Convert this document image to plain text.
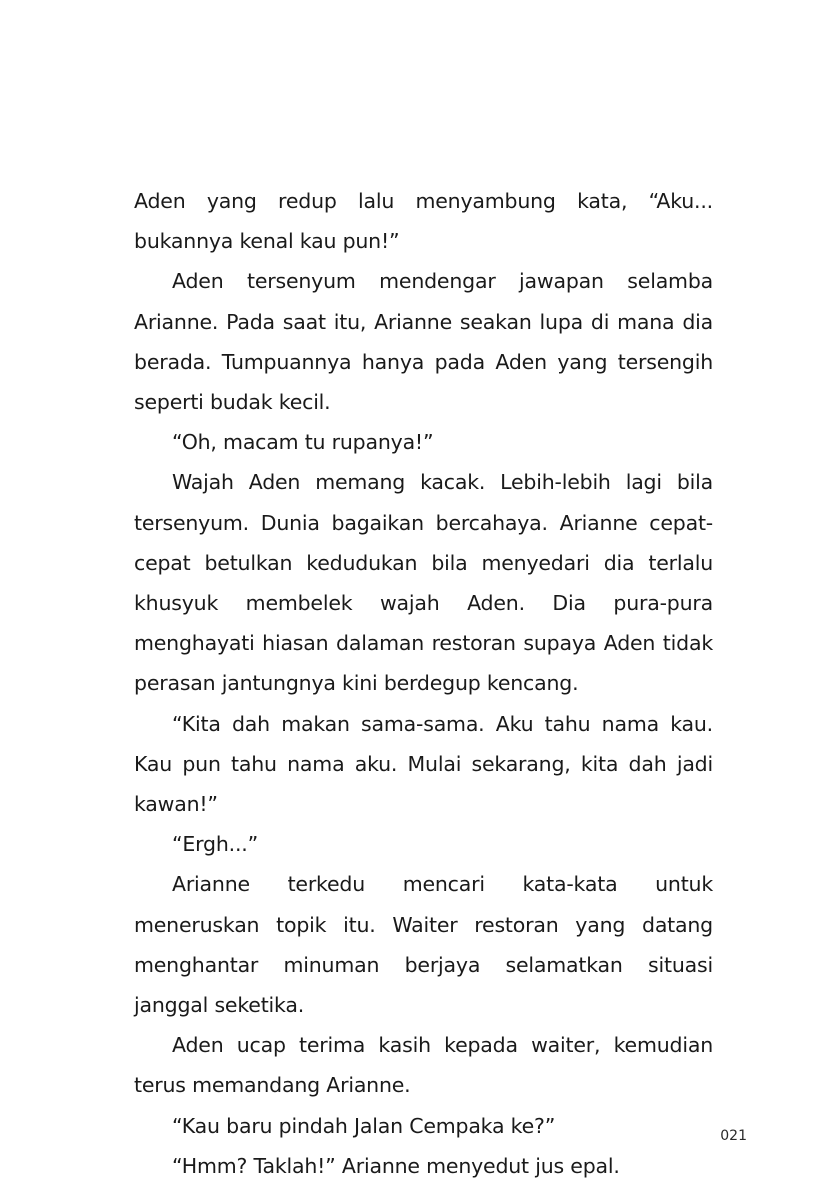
Aden yang redup lalu menyambung kata, “Aku... bukannya kenal kau pun!”

Aden tersenyum mendengar jawapan selamba Arianne. Pada saat itu, Arianne seakan lupa di mana dia berada. Tumpuannya hanya pada Aden yang tersengih seperti budak kecil.

“Oh, macam tu rupanya!”

Wajah Aden memang kacak. Lebih-lebih lagi bila tersenyum. Dunia bagaikan bercahaya. Arianne cepat-cepat betulkan kedudukan bila menyedari dia terlalu khusyuk membelek wajah Aden. Dia pura-pura menghayati hiasan dalaman restoran supaya Aden tidak perasan jantungnya kini berdegup kencang.

“Kita dah makan sama-sama. Aku tahu nama kau. Kau pun tahu nama aku. Mulai sekarang, kita dah jadi kawan!”

“Ergh...”

Arianne terkedu mencari kata-kata untuk meneruskan topik itu. Waiter restoran yang datang menghantar minuman berjaya selamatkan situasi janggal seketika.

Aden ucap terima kasih kepada waiter, kemudian terus memandang Arianne.

“Kau baru pindah Jalan Cempaka ke?”

“Hmm? Taklah!” Arianne menyedut jus epal.

021
